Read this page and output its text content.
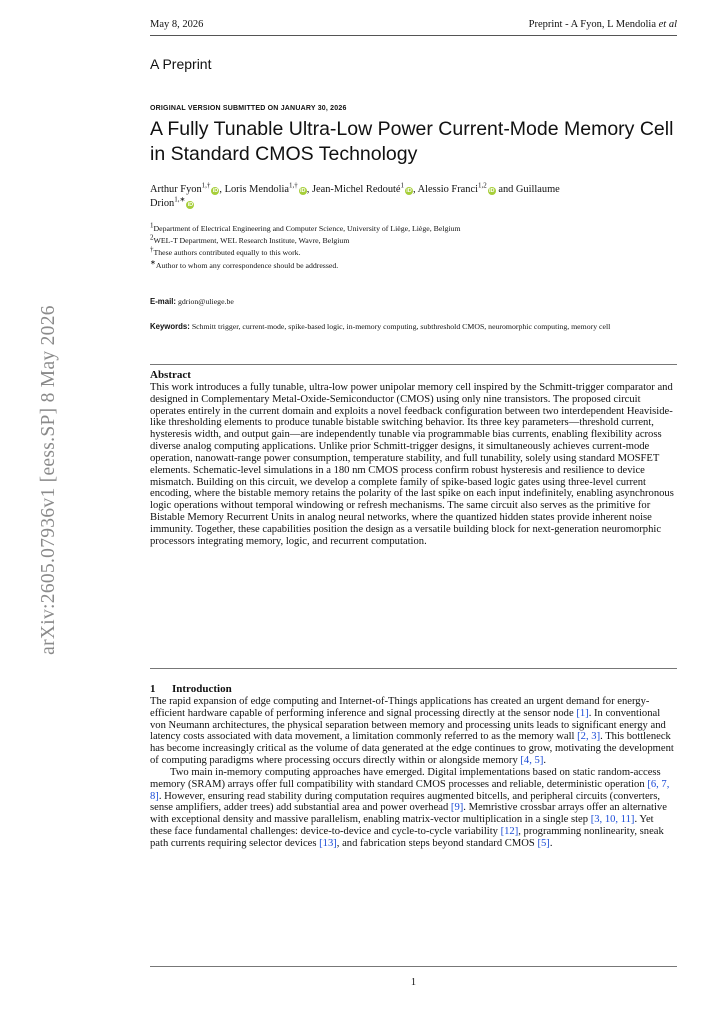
arXiv:2605.07936v1 [eess.SP] 8 May 2026
May 8, 2026	Preprint - A Fyon, L Mendolia et al
A Preprint
ORIGINAL VERSION SUBMITTED ON JANUARY 30, 2026
A Fully Tunable Ultra-Low Power Current-Mode Memory Cell
in Standard CMOS Technology
Arthur Fyon$^{1,\dagger}$iD, Loris Mendolia$^{1,\dagger}$iD, Jean-Michel Redouté$^1$iD, Alessio Franci$^{1,2}$iD and Guillaume
Drion$^{1,∗}$iD
$^1$Department of Electrical Engineering and Computer Science, University of Liège, Liège, Belgium
$^2$WEL-T Department, WEL Research Institute, Wavre, Belgium
†These authors contributed equally to this work.
∗Author to whom any correspondence should be addressed.
E-mail: gdrion@uliege.be
Keywords: Schmitt trigger, current-mode, spike-based logic, in-memory computing, subthreshold CMOS, neuromorphic computing, memory cell
Abstract
This work introduces a fully tunable, ultra-low power unipolar memory cell inspired by the Schmitt-trigger comparator and designed in Complementary Metal-Oxide-Semiconductor (CMOS) using only nine transistors. The proposed circuit operates entirely in the current domain and exploits a novel feedback configuration between two interdependent Heaviside-like thresholding elements to produce tunable bistable switching behavior. Its three key parameters—threshold current, hysteresis width, and output gain—are independently tunable via programmable bias currents, enabling flexibility across diverse analog computing applications. Unlike prior Schmitt-trigger designs, it simultaneously achieves current-mode operation, nanowatt-range power consumption, temperature stability, and full tunability, solely using standard MOSFET elements. Schematic-level simulations in a 180 nm CMOS process confirm robust hysteresis and resilience to device mismatch. Building on this circuit, we develop a complete family of spike-based logic gates using three-level current encoding, where the bistable memory retains the polarity of the last spike on each input indefinitely, enabling asynchronous logic operations without temporal windowing or refresh mechanisms. The same circuit also serves as the primitive for Bistable Memory Recurrent Units in analog neural networks, where the quantized hidden states provide inherent noise immunity. Together, these capabilities position the design as a versatile building block for next-generation neuromorphic processors integrating memory, logic, and recurrent computation.
1 Introduction

The rapid expansion of edge computing and Internet-of-Things applications has created an urgent demand for energy-efficient hardware capable of performing inference and signal processing directly at the sensor node [1]. In conventional von Neumann architectures, the physical separation between memory and processing units leads to significant energy and latency costs associated with data movement, a limitation commonly referred to as the memory wall [2, 3]. This bottleneck has become increasingly critical as the volume of data generated at the edge continues to grow, motivating the development of computing paradigms where processing occurs directly within or alongside memory [4, 5].

Two main in-memory computing approaches have emerged. Digital implementations based on static random-access memory (SRAM) arrays offer full compatibility with standard CMOS processes and reliable, deterministic operation [6, 7, 8]. However, ensuring read stability during computation requires augmented bitcells, and peripheral circuits (converters, sense amplifiers, adder trees) add substantial area and power overhead [9]. Memristive crossbar arrays offer an alternative with exceptional density and massive parallelism, enabling matrix-vector multiplication in a single step [3, 10, 11]. Yet these face fundamental challenges: device-to-device and cycle-to-cycle variability [12], programming nonlinearity, sneak path currents requiring selector devices [13], and fabrication steps beyond standard CMOS [5].

1
